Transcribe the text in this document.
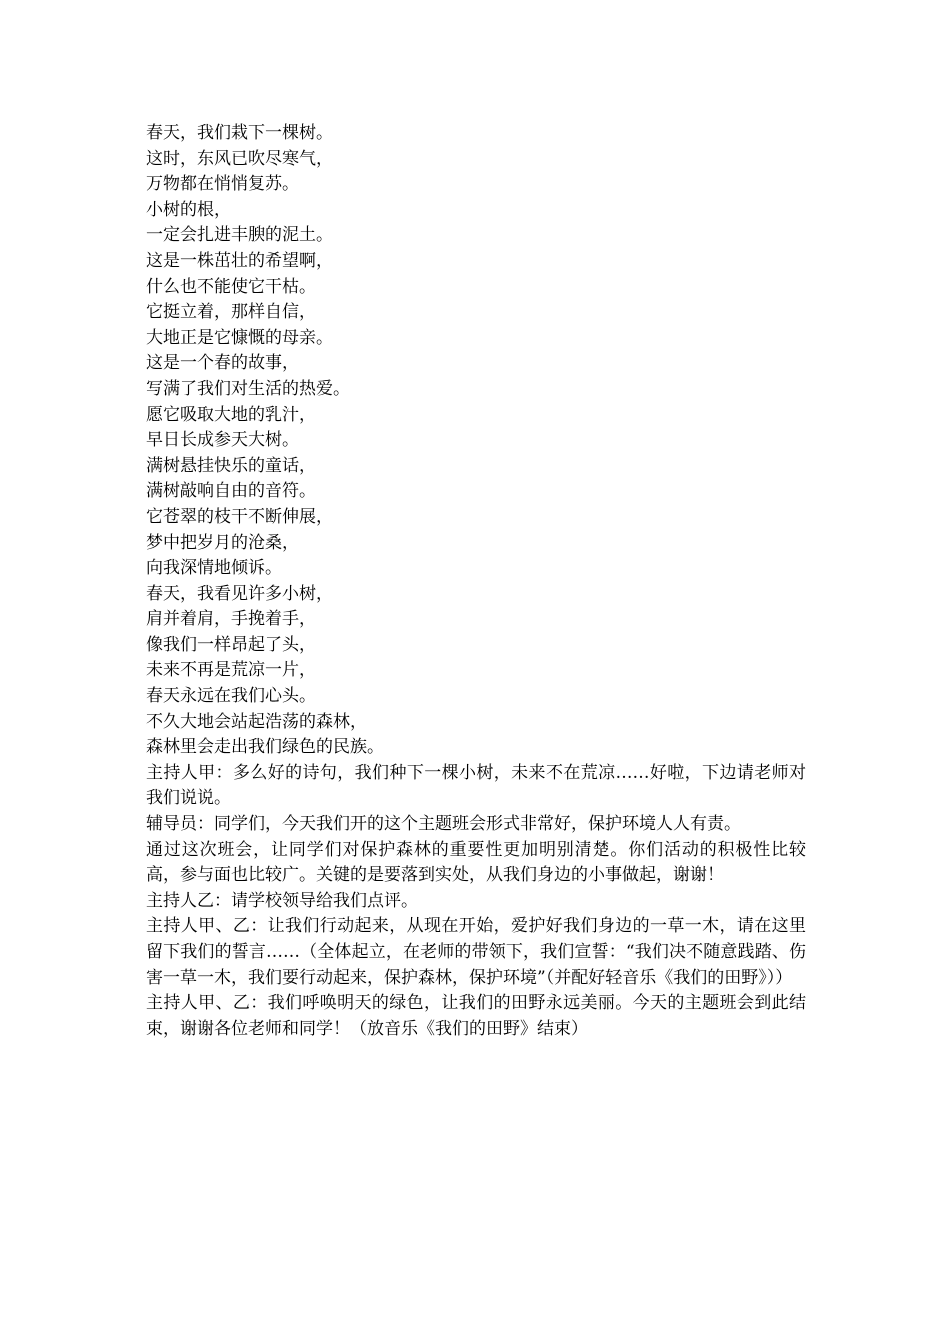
春天，我们栽下一棵树。
这时，东风已吹尽寒气，
万物都在悄悄复苏。
小树的根，
一定会扎进丰腴的泥土。
这是一株茁壮的希望啊，
什么也不能使它干枯。
它挺立着，那样自信，
大地正是它慷慨的母亲。
这是一个春的故事，
写满了我们对生活的热爱。
愿它吸取大地的乳汁，
早日长成参天大树。
满树悬挂快乐的童话，
满树敲响自由的音符。
它苍翠的枝干不断伸展，
梦中把岁月的沧桑，
向我深情地倾诉。
春天，我看见许多小树，
肩并着肩，手挽着手，
像我们一样昂起了头，
未来不再是荒凉一片，
春天永远在我们心头。
不久大地会站起浩荡的森林，
森林里会走出我们绿色的民族。
主持人甲：多么好的诗句，我们种下一棵小树，未来不在荒凉……好啦，下边请老师对我们说说。
辅导员：同学们，今天我们开的这个主题班会形式非常好，保护环境人人有责。
通过这次班会，让同学们对保护森林的重要性更加明别清楚。你们活动的积极性比较高，参与面也比较广。关键的是要落到实处，从我们身边的小事做起，谢谢！
主持人乙：请学校领导给我们点评。
主持人甲、乙：让我们行动起来，从现在开始，爱护好我们身边的一草一木，请在这里留下我们的誓言……（全体起立，在老师的带领下，我们宣誓：“我们决不随意践踏、伤害一草一木，我们要行动起来，保护森林，保护环境”（并配好轻音乐《我们的田野》））
主持人甲、乙：我们呼唤明天的绿色，让我们的田野永远美丽。今天的主题班会到此结束，谢谢各位老师和同学！（放音乐《我们的田野》结束）
